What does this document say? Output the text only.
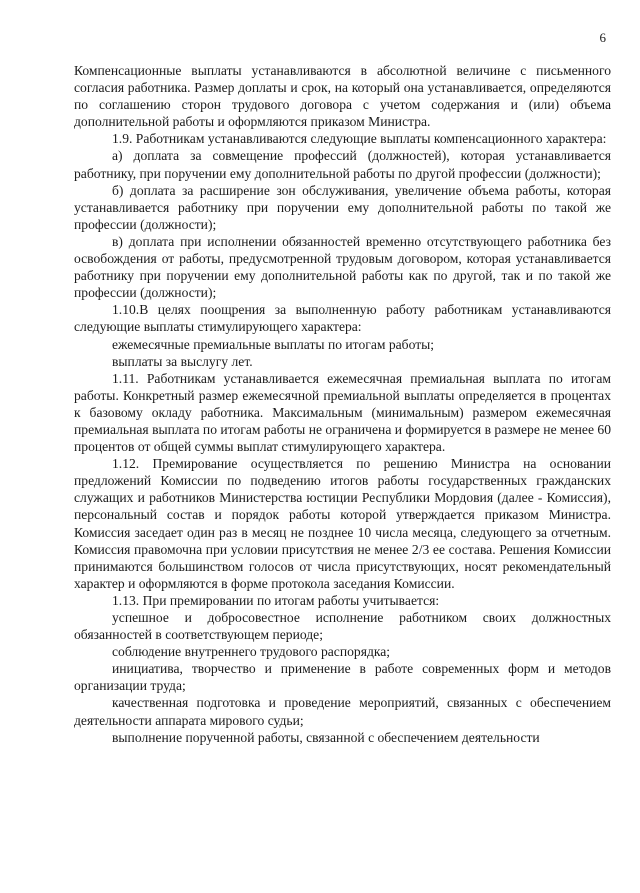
6

Компенсационные выплаты устанавливаются в абсолютной величине с письменного согласия работника. Размер доплаты и срок, на который она устанавливается, определяются по соглашению сторон трудового договора с учетом содержания и (или) объема дополнительной работы и оформляются приказом Министра.

1.9. Работникам устанавливаются следующие выплаты компенсационного характера:

а) доплата за совмещение профессий (должностей), которая устанавливается работнику, при поручении ему дополнительной работы по другой профессии (должности);

б) доплата за расширение зон обслуживания, увеличение объема работы, которая устанавливается работнику при поручении ему дополнительной работы по такой же профессии (должности);

в) доплата при исполнении обязанностей временно отсутствующего работника без освобождения от работы, предусмотренной трудовым договором, которая устанавливается работнику при поручении ему дополнительной работы как по другой, так и по такой же профессии (должности);

1.10.В целях поощрения за выполненную работу работникам устанавливаются следующие выплаты стимулирующего характера:

ежемесячные премиальные выплаты по итогам работы;

выплаты за выслугу лет.

1.11. Работникам устанавливается ежемесячная премиальная выплата по итогам работы. Конкретный размер ежемесячной премиальной выплаты определяется в процентах к базовому окладу работника. Максимальным (минимальным) размером ежемесячная премиальная выплата по итогам работы не ограничена и формируется в размере не менее 60 процентов от общей суммы выплат стимулирующего характера.

1.12. Премирование осуществляется по решению Министра на основании предложений Комиссии по подведению итогов работы государственных гражданских служащих и работников Министерства юстиции Республики Мордовия (далее - Комиссия), персональный состав и порядок работы которой утверждается приказом Министра. Комиссия заседает один раз в месяц не позднее 10 числа месяца, следующего за отчетным. Комиссия правомочна при условии присутствия не менее 2/3 ее состава. Решения Комиссии принимаются большинством голосов от числа присутствующих, носят рекомендательный характер и оформляются в форме протокола заседания Комиссии.

1.13. При премировании по итогам работы учитывается:

успешное и добросовестное исполнение работником своих должностных обязанностей в соответствующем периоде;

соблюдение внутреннего трудового распорядка;

инициатива, творчество и применение в работе современных форм и методов организации труда;

качественная подготовка и проведение мероприятий, связанных с обеспечением деятельности аппарата мирового судьи;

выполнение порученной работы, связанной с обеспечением деятельности
